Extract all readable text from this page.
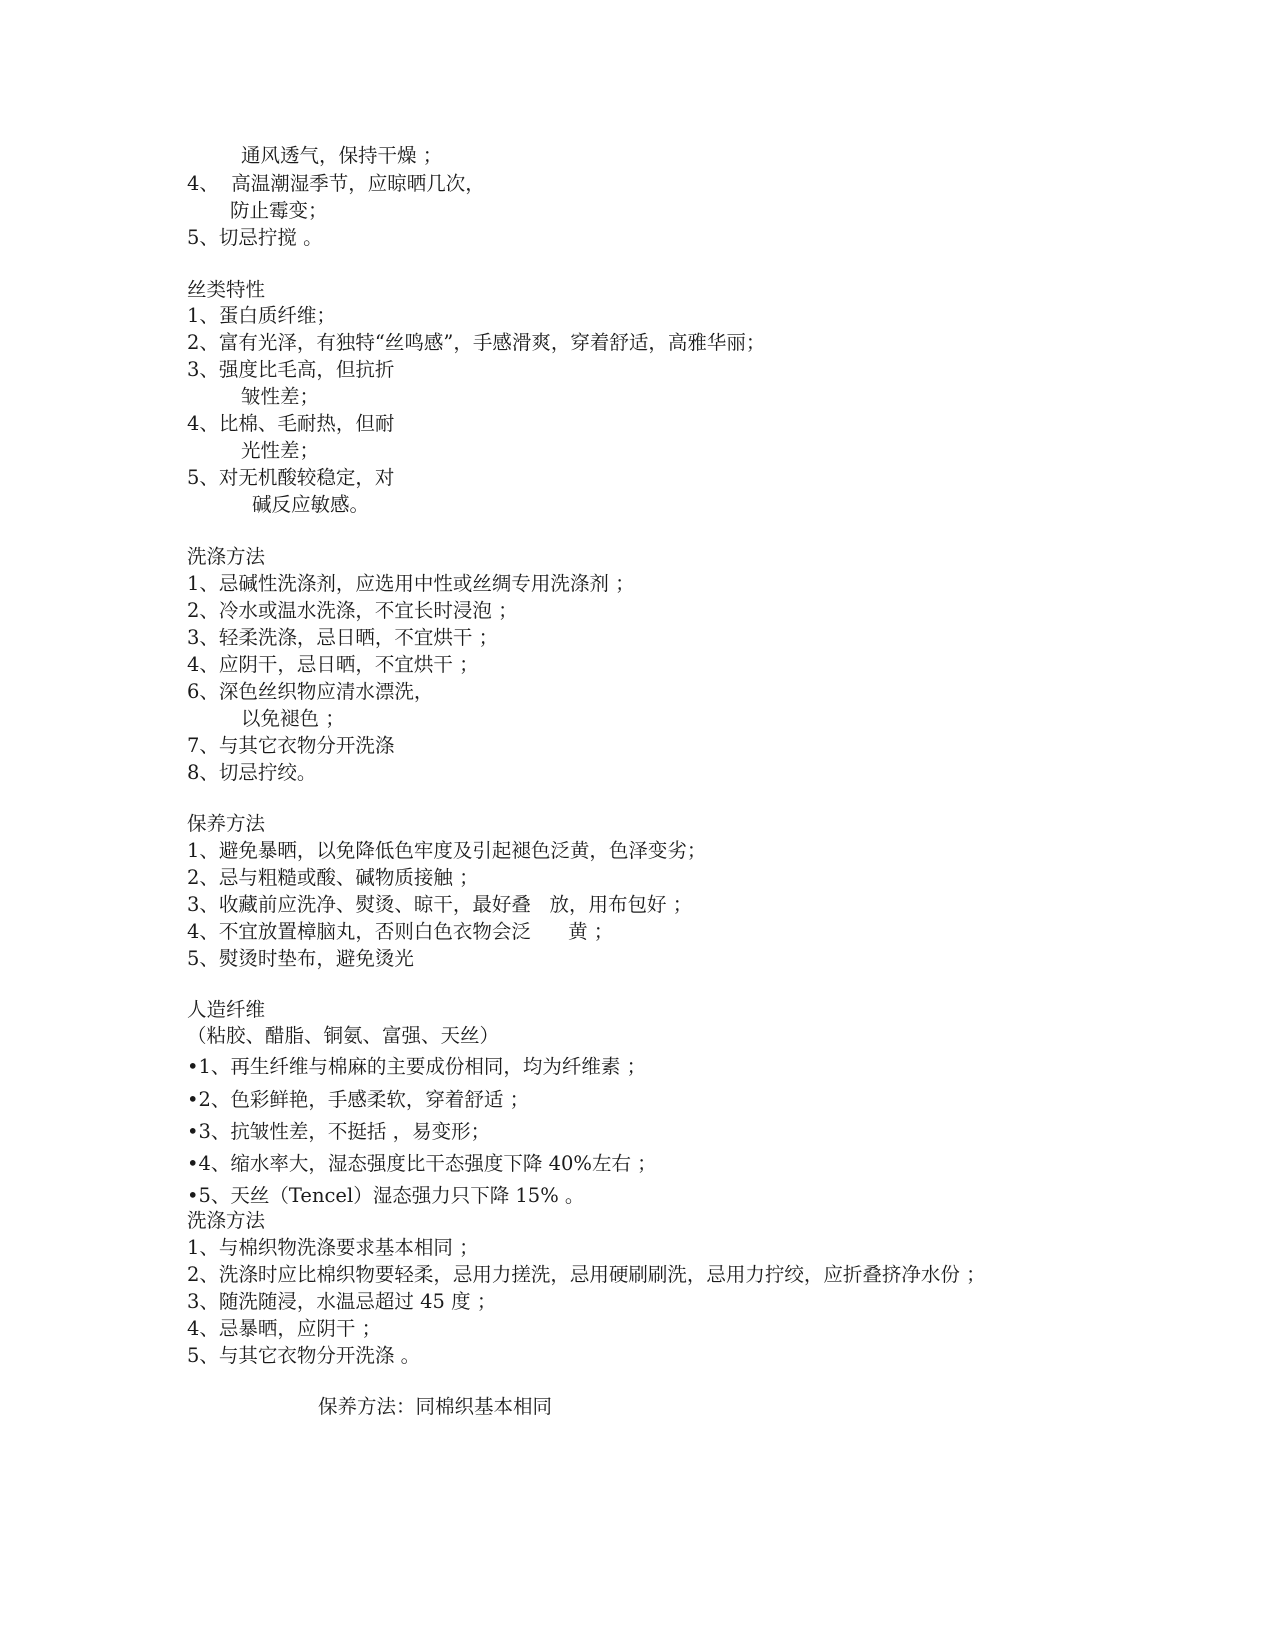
通风透气，保持干燥 ；
4、  高温潮湿季节，应晾晒几次，
防止霉变；
5、切忌拧搅 。
丝类特性
1、蛋白质纤维；
2、富有光泽，有独特“丝鸣感”，手感滑爽，穿着舒适，高雅华丽；
3、强度比毛高，但抗折
皱性差；
4、比棉、毛耐热，但耐
光性差；
5、对无机酸较稳定，对
碱反应敏感。
洗涤方法
1、忌碱性洗涤剂，应选用中性或丝绸专用洗涤剂 ；
2、冷水或温水洗涤，不宜长时浸泡 ；
3、轻柔洗涤，忌日晒，不宜烘干 ；
4、应阴干，忌日晒，不宜烘干 ；
6、深色丝织物应清水漂洗，
以免褪色 ；
7、与其它衣物分开洗涤
8、切忌拧绞。
保养方法
1、避免暴晒，以免降低色牢度及引起褪色泛黄，色泽变劣；
2、忌与粗糙或酸、碱物质接触 ；
3、收藏前应洗净、熨烫、晾干，最好叠   放，用布包好 ；
4、不宜放置樟脑丸，否则白色衣物会泛      黄 ；
5、熨烫时垫布，避免烫光
人造纤维
（粘胶、醋脂、铜氨、富强、天丝）
•1、再生纤维与棉麻的主要成份相同，均为纤维素 ；
•2、色彩鲜艳，手感柔软，穿着舒适 ；
•3、抗皱性差，不挺括 ，易变形；
•4、缩水率大，湿态强度比干态强度下降 40%左右 ；
•5、天丝（Tencel）湿态强力只下降 15% 。
洗涤方法
1、与棉织物洗涤要求基本相同 ；
2、洗涤时应比棉织物要轻柔，忌用力搓洗，忌用硬刷刷洗，忌用力拧绞，应折叠挤净水份 ；
3、随洗随浸，水温忌超过 45 度 ；
4、忌暴晒，应阴干 ；
5、与其它衣物分开洗涤 。
保养方法：同棉织基本相同
